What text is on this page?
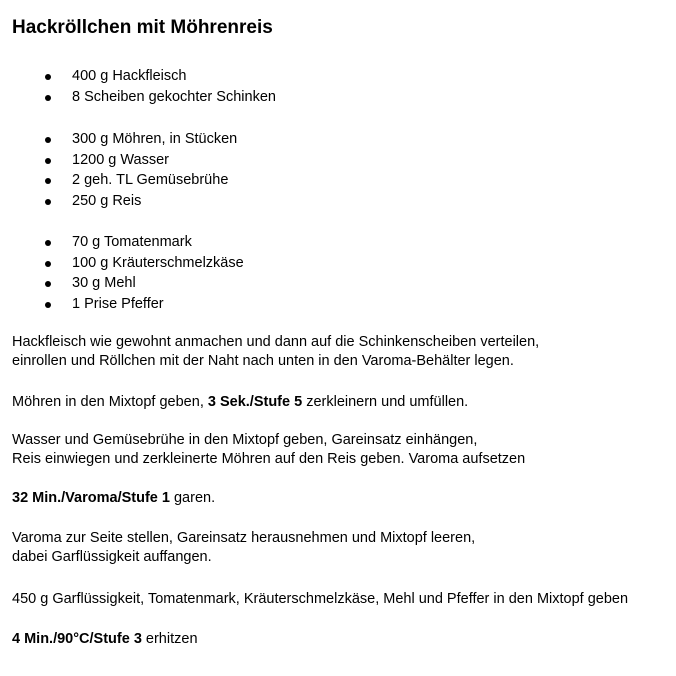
Hackröllchen mit Möhrenreis
400 g Hackfleisch
8 Scheiben gekochter Schinken
300 g Möhren, in Stücken
1200 g Wasser
2 geh. TL Gemüsebrühe
250 g Reis
70 g Tomatenmark
100 g Kräuterschmelzkäse
30 g Mehl
1 Prise Pfeffer

Hackfleisch wie gewohnt anmachen und dann auf die Schinkenscheiben verteilen,
einrollen und Röllchen mit der Naht nach unten in den Varoma-Behälter legen.

Möhren in den Mixtopf geben, 3 Sek./Stufe 5 zerkleinern und umfüllen.

Wasser und Gemüsebrühe in den Mixtopf geben, Gareinsatz einhängen,
Reis einwiegen und zerkleinerte Möhren auf den Reis geben. Varoma aufsetzen

32 Min./Varoma/Stufe 1 garen.

Varoma zur Seite stellen, Gareinsatz herausnehmen und Mixtopf leeren,
dabei Garflüssigkeit auffangen.

450 g Garflüssigkeit, Tomatenmark, Kräuterschmelzkäse, Mehl und Pfeffer in den Mixtopf geben

4 Min./90°C/Stufe 3 erhitzen
